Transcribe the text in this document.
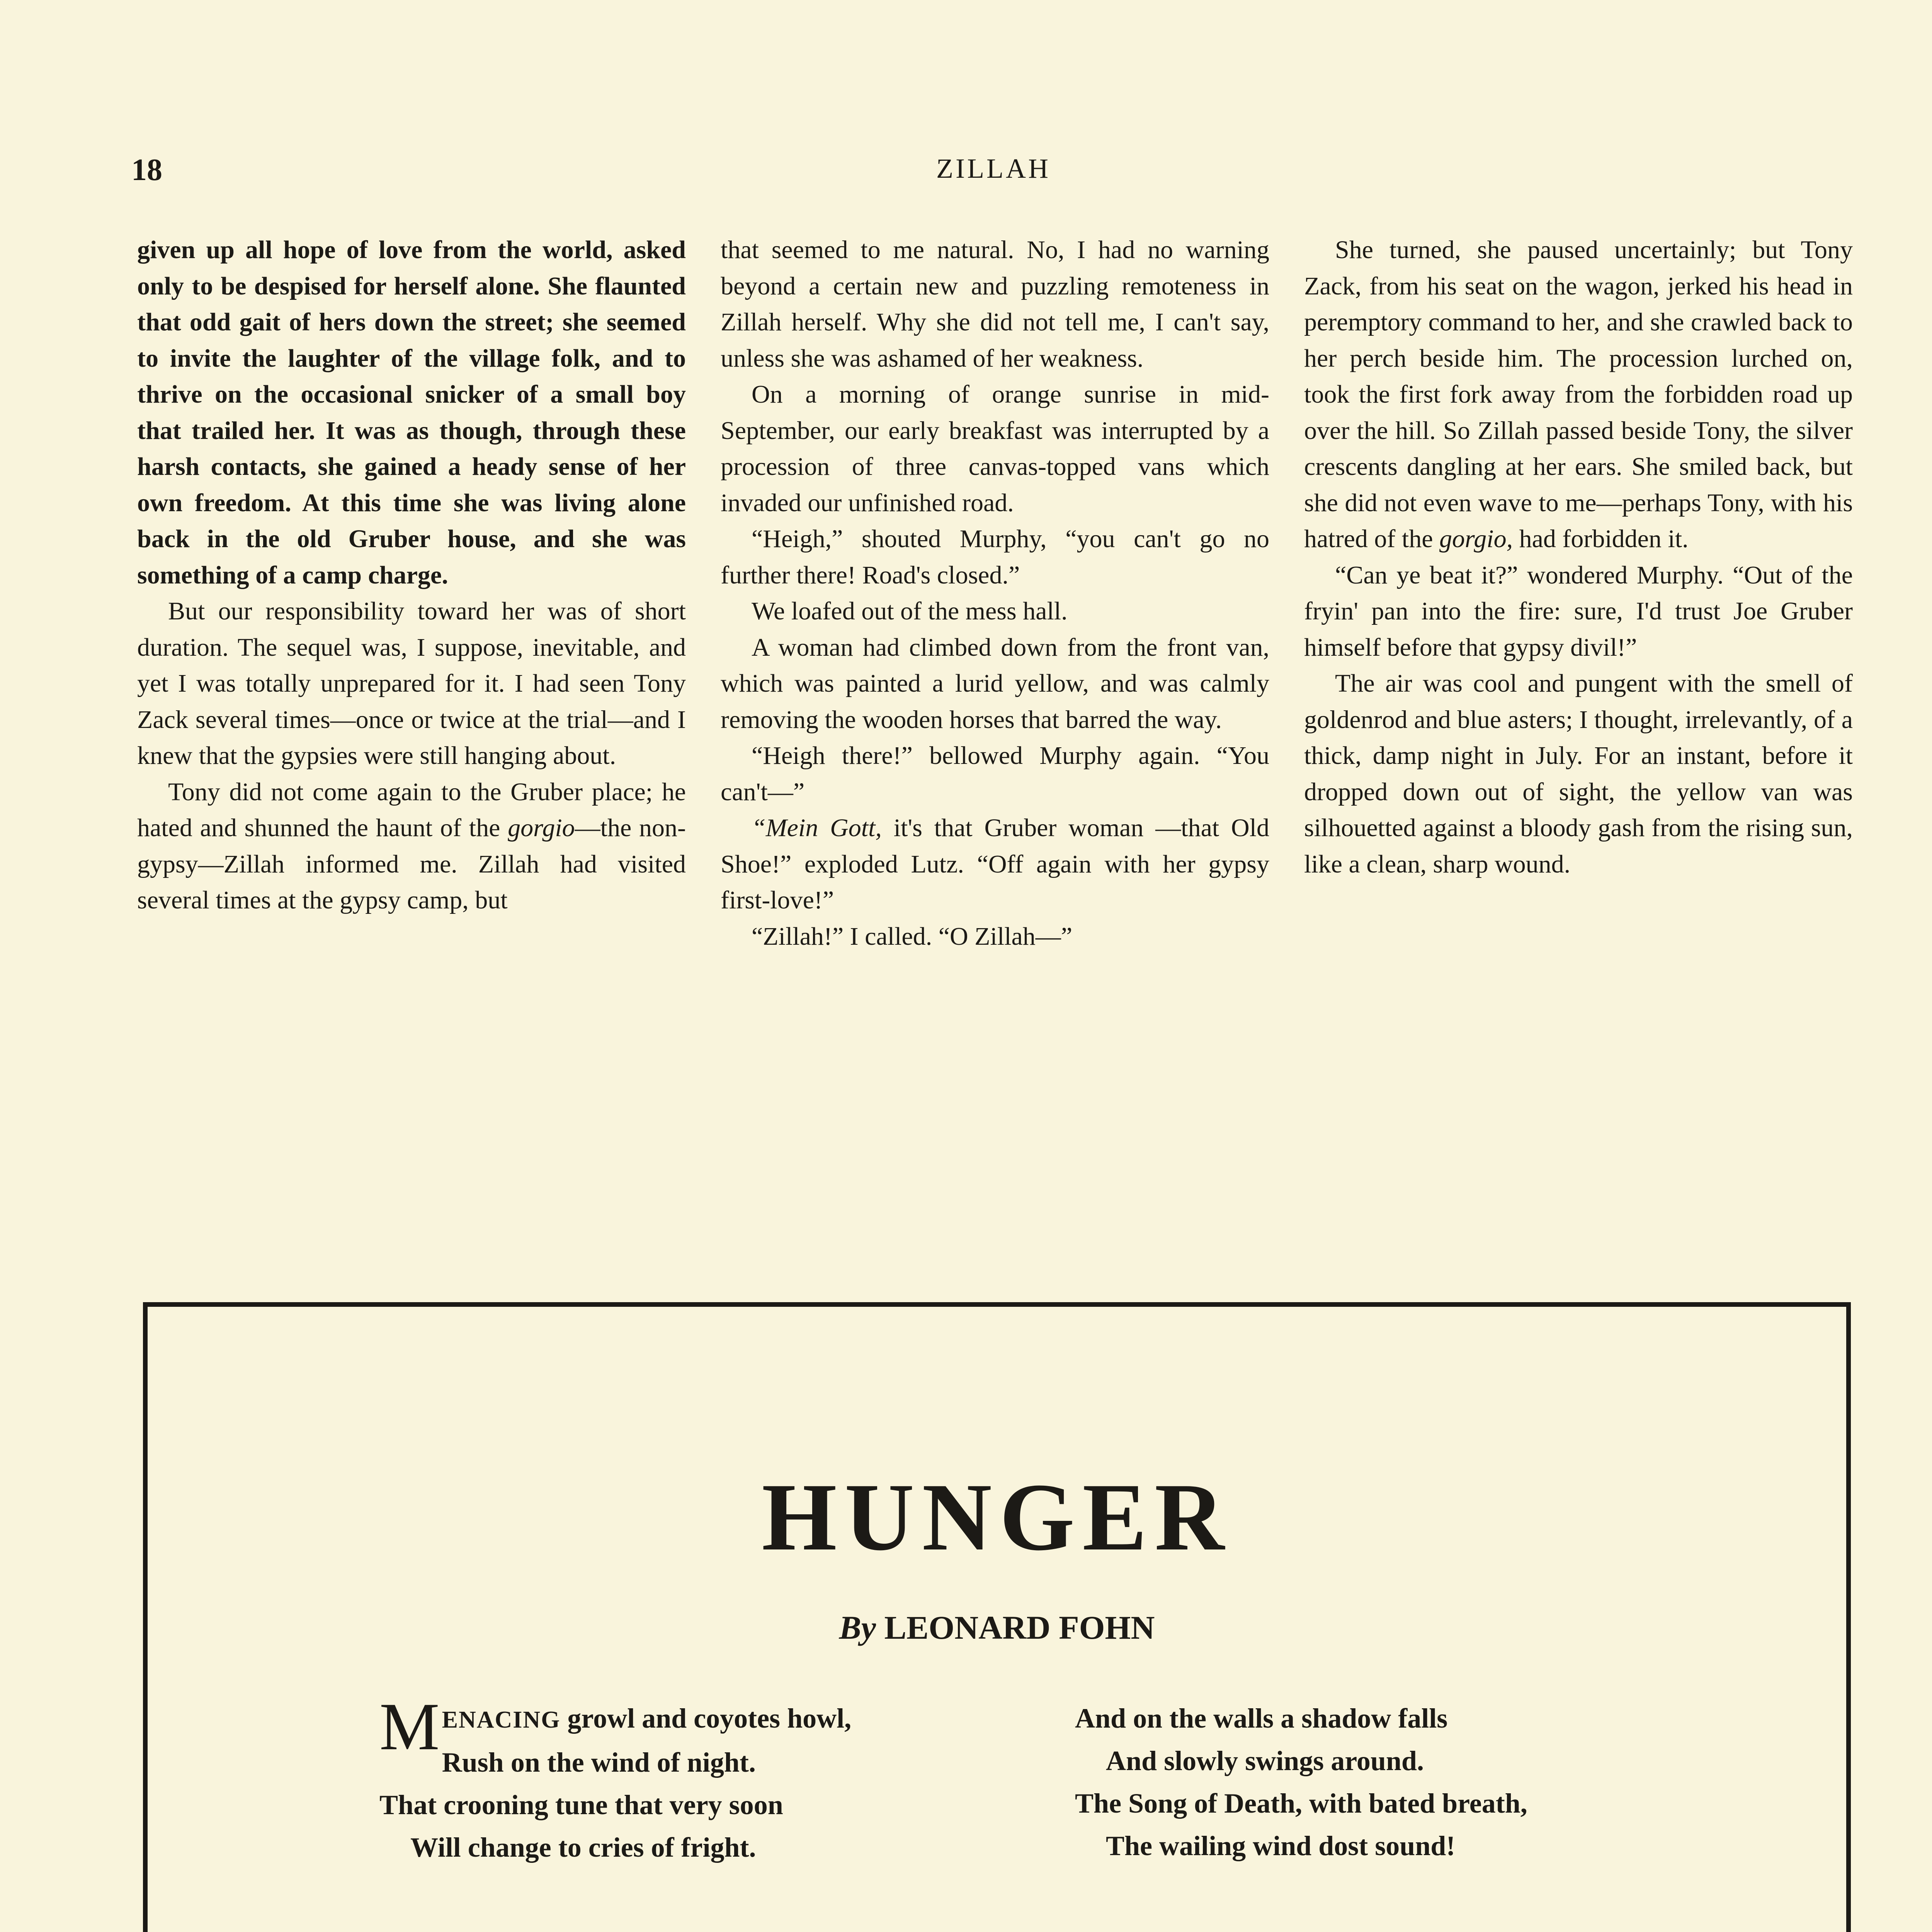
18	ZILLAH

given up all hope of love from the world, asked only to be despised for herself alone. She flaunted that odd gait of hers down the street; she seemed to invite the laughter of the village folk, and to thrive on the occasional snicker of a small boy that trailed her. It was as though, through these harsh contacts, she gained a heady sense of her own freedom. At this time she was living alone back in the old Gruber house, and she was something of a camp charge.

But our responsibility toward her was of short duration. The sequel was, I suppose, inevitable, and yet I was totally unprepared for it. I had seen Tony Zack several times—once or twice at the trial—and I knew that the gypsies were still hanging about.

Tony did not come again to the Gruber place; he hated and shunned the haunt of the gorgio—the non-gypsy—Zillah informed me. Zillah had visited several times at the gypsy camp, but

that seemed to me natural. No, I had no warning beyond a certain new and puzzling remoteness in Zillah herself. Why she did not tell me, I can't say, unless she was ashamed of her weakness.

On a morning of orange sunrise in mid-September, our early breakfast was interrupted by a procession of three canvas-topped vans which invaded our unfinished road.

“Heigh,” shouted Murphy, “you can't go no further there! Road's closed.”

We loafed out of the mess hall.

A woman had climbed down from the front van, which was painted a lurid yellow, and was calmly removing the wooden horses that barred the way.

“Heigh there!” bellowed Murphy again. “You can't—”

“Mein Gott, it's that Gruber woman —that Old Shoe!” exploded Lutz. “Off again with her gypsy first-love!”

“Zillah!” I called. “O Zillah—”

She turned, she paused uncertainly; but Tony Zack, from his seat on the wagon, jerked his head in peremptory command to her, and she crawled back to her perch beside him. The procession lurched on, took the first fork away from the forbidden road up over the hill. So Zillah passed beside Tony, the silver crescents dangling at her ears. She smiled back, but she did not even wave to me—perhaps Tony, with his hatred of the gorgio, had forbidden it.

“Can ye beat it?” wondered Murphy. “Out of the fryin' pan into the fire: sure, I'd trust Joe Gruber himself before that gypsy divil!”

The air was cool and pungent with the smell of goldenrod and blue asters; I thought, irrelevantly, of a thick, damp night in July. For an instant, before it dropped down out of sight, the yellow van was silhouetted against a bloody gash from the rising sun, like a clean, sharp wound.

HUNGER
By LEONARD FOHN
M ENACING growl and coyotes howl,
Rush on the wind of night.
That crooning tune that very soon
Will change to cries of fright.
And on the walls a shadow falls
And slowly swings around.
The Song of Death, with bated breath,
The wailing wind dost sound!
